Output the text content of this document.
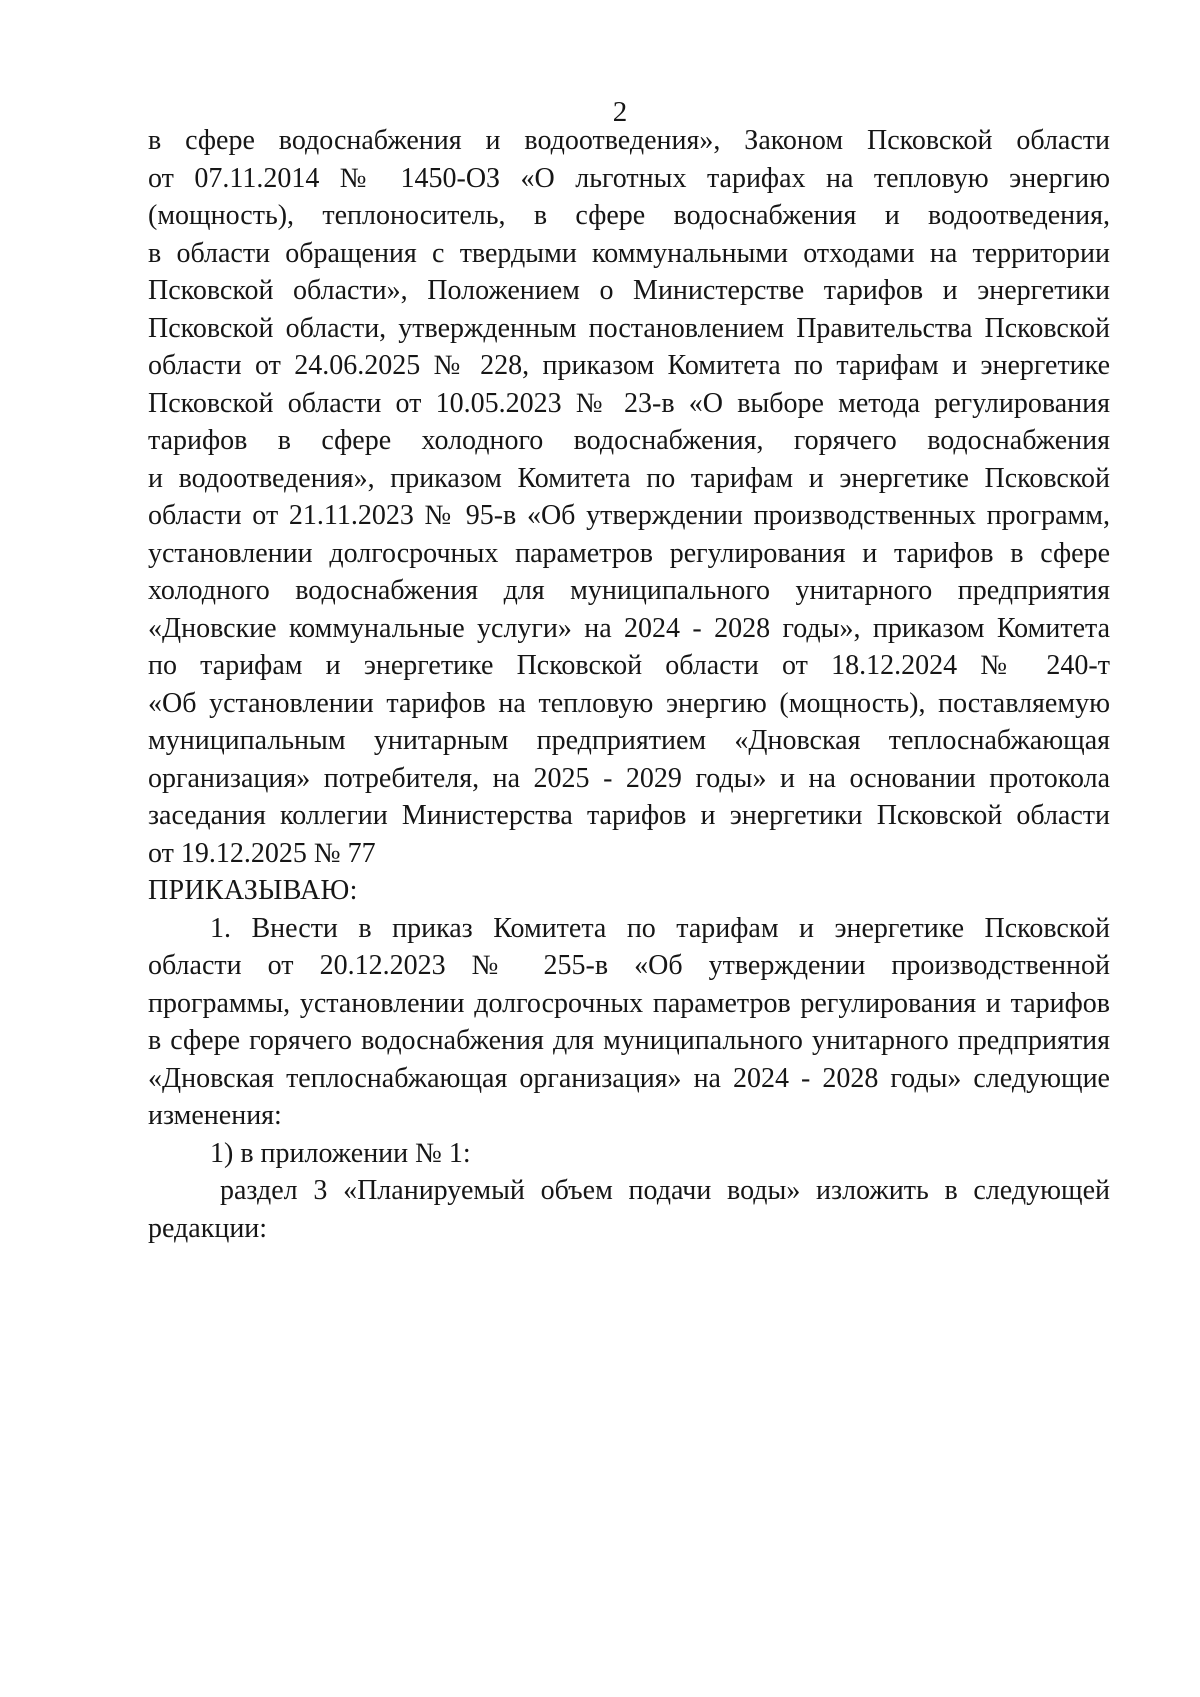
2
в сфере водоснабжения и водоотведения», Законом Псковской области
от 07.11.2014 № 1450-ОЗ «О льготных тарифах на тепловую энергию
(мощность), теплоноситель, в сфере водоснабжения и водоотведения,
в области обращения с твердыми коммунальными отходами на территории
Псковской области», Положением о Министерстве тарифов и энергетики
Псковской области, утвержденным постановлением Правительства Псковской
области от 24.06.2025 № 228, приказом Комитета по тарифам и энергетике
Псковской области от 10.05.2023 № 23-в «О выборе метода регулирования
тарифов в сфере холодного водоснабжения, горячего водоснабжения
и водоотведения», приказом Комитета по тарифам и энергетике Псковской
области от 21.11.2023 № 95-в «Об утверждении производственных программ,
установлении долгосрочных параметров регулирования и тарифов в сфере
холодного водоснабжения для муниципального унитарного предприятия
«Дновские коммунальные услуги» на 2024 - 2028 годы», приказом Комитета
по тарифам и энергетике Псковской области от 18.12.2024 № 240-т
«Об установлении тарифов на тепловую энергию (мощность), поставляемую
муниципальным унитарным предприятием «Дновская теплоснабжающая
организация» потребителя, на 2025 - 2029 годы» и на основании протокола
заседания коллегии Министерства тарифов и энергетики Псковской области
от 19.12.2025 № 77
ПРИКАЗЫВАЮ:
1. Внести в приказ Комитета по тарифам и энергетике Псковской
области от 20.12.2023 № 255-в «Об утверждении производственной
программы, установлении долгосрочных параметров регулирования и тарифов
в сфере горячего водоснабжения для муниципального унитарного предприятия
«Дновская теплоснабжающая организация» на 2024 - 2028 годы» следующие
изменения:
1) в приложении № 1:
раздел 3 «Планируемый объем подачи воды» изложить в следующей
редакции:
